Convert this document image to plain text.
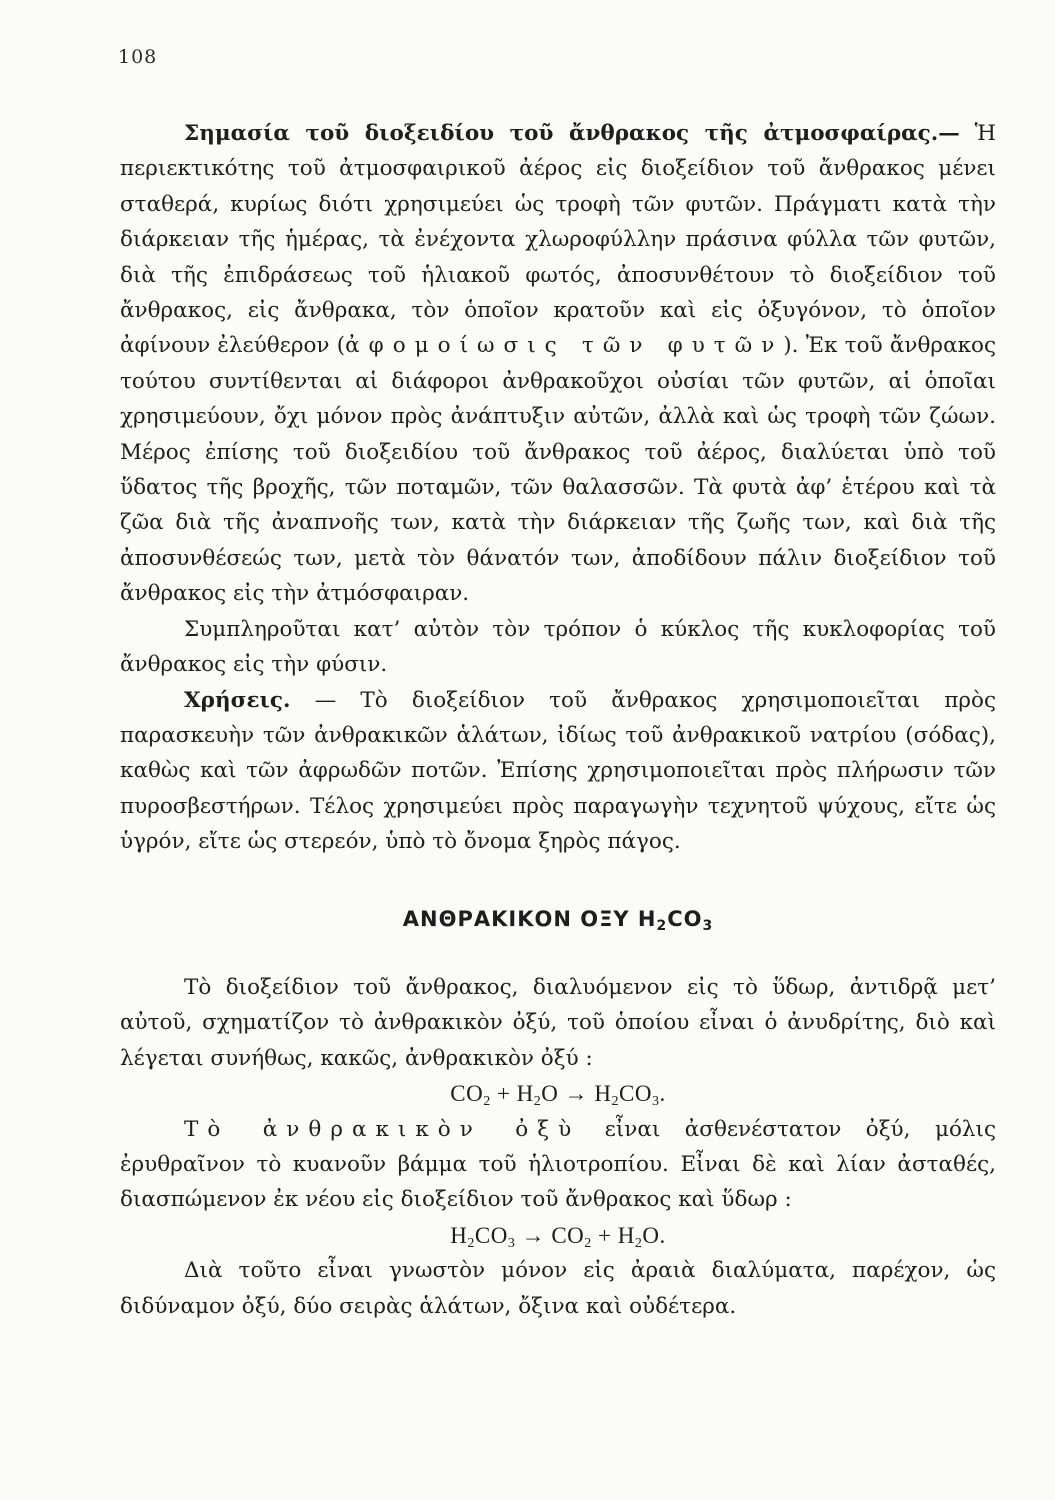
108

Σημασία τοῦ διοξειδίου τοῦ ἄνθρακος τῆς ἀτμοσφαίρας.— Ἡ περιεκτικότης τοῦ ἀτμοσφαιρικοῦ ἀέρος εἰς διοξείδιον τοῦ ἄνθρακος μένει σταθερά, κυρίως διότι χρησιμεύει ὡς τροφὴ τῶν φυτῶν. Πράγματι κατὰ τὴν διάρκειαν τῆς ἡμέρας, τὰ ἐνέχοντα χλωροφύλλην πράσινα φύλλα τῶν φυτῶν, διὰ τῆς ἐπιδράσεως τοῦ ἡλιακοῦ φωτός, ἀποσυνθέτουν τὸ διοξείδιον τοῦ ἄνθρακος, εἰς ἄνθρακα, τὸν ὁποῖον κρατοῦν καὶ εἰς ὀξυγόνον, τὸ ὁποῖον ἀφίνουν ἐλεύθερον (ἀφομοίωσις τῶν φυτῶν). Ἐκ τοῦ ἄνθρακος τούτου συντίθενται αἱ διάφοροι ἀνθρακοῦχοι οὐσίαι τῶν φυτῶν, αἱ ὁποῖαι χρησιμεύουν, ὄχι μόνον πρὸς ἀνάπτυξιν αὐτῶν, ἀλλὰ καὶ ὡς τροφὴ τῶν ζώων. Μέρος ἐπίσης τοῦ διοξειδίου τοῦ ἄνθρακος τοῦ ἀέρος, διαλύεται ὑπὸ τοῦ ὕδατος τῆς βροχῆς, τῶν ποταμῶν, τῶν θαλασσῶν. Τὰ φυτὰ ἀφ’ ἑτέρου καὶ τὰ ζῶα διὰ τῆς ἀναπνοῆς των, κατὰ τὴν διάρκειαν τῆς ζωῆς των, καὶ διὰ τῆς ἀποσυνθέσεώς των, μετὰ τὸν θάνατόν των, ἀποδίδουν πάλιν διοξείδιον τοῦ ἄνθρακος εἰς τὴν ἀτμόσφαιραν.

Συμπληροῦται κατ’ αὐτὸν τὸν τρόπον ὁ κύκλος τῆς κυκλοφορίας τοῦ ἄνθρακος εἰς τὴν φύσιν.

Χρήσεις. — Τὸ διοξείδιον τοῦ ἄνθρακος χρησιμοποιεῖται πρὸς παρασκευὴν τῶν ἀνθρακικῶν ἁλάτων, ἰδίως τοῦ ἀνθρακικοῦ νατρίου (σόδας), καθὼς καὶ τῶν ἀφρωδῶν ποτῶν. Ἐπίσης χρησιμοποιεῖται πρὸς πλήρωσιν τῶν πυροσβεστήρων. Τέλος χρησιμεύει πρὸς παραγωγὴν τεχνητοῦ ψύχους, εἴτε ὡς ὑγρόν, εἴτε ὡς στερεόν, ὑπὸ τὸ ὄνομα ξηρὸς πάγος.

ΑΝΘΡΑΚΙΚΟΝ ΟΞΥ $H_2CO_3$

Τὸ διοξείδιον τοῦ ἄνθρακος, διαλυόμενον εἰς τὸ ὕδωρ, ἀντιδρᾷ μετ’ αὐτοῦ, σχηματίζον τὸ ἀνθρακικὸν ὀξύ, τοῦ ὁποίου εἶναι ὁ ἀνυδρίτης, διὸ καὶ λέγεται συνήθως, κακῶς, ἀνθρακικὸν ὀξύ :

$CO_2 + H_2O \to H_2CO_3$.

Τὸ ἀνθρακικὸν ὀξὺ εἶναι ἀσθενέστατον ὀξύ, μόλις ἐρυθραῖνον τὸ κυανοῦν βάμμα τοῦ ἡλιοτροπίου. Εἶναι δὲ καὶ λίαν ἀσταθές, διασπώμενον ἐκ νέου εἰς διοξείδιον τοῦ ἄνθρακος καὶ ὕδωρ :

$H_2CO_3 \to CO_2 + H_2O$.

Διὰ τοῦτο εἶναι γνωστὸν μόνον εἰς ἀραιὰ διαλύματα, παρέχον, ὡς διδύναμον ὀξύ, δύο σειρὰς ἁλάτων, ὄξινα καὶ οὐδέτερα.
